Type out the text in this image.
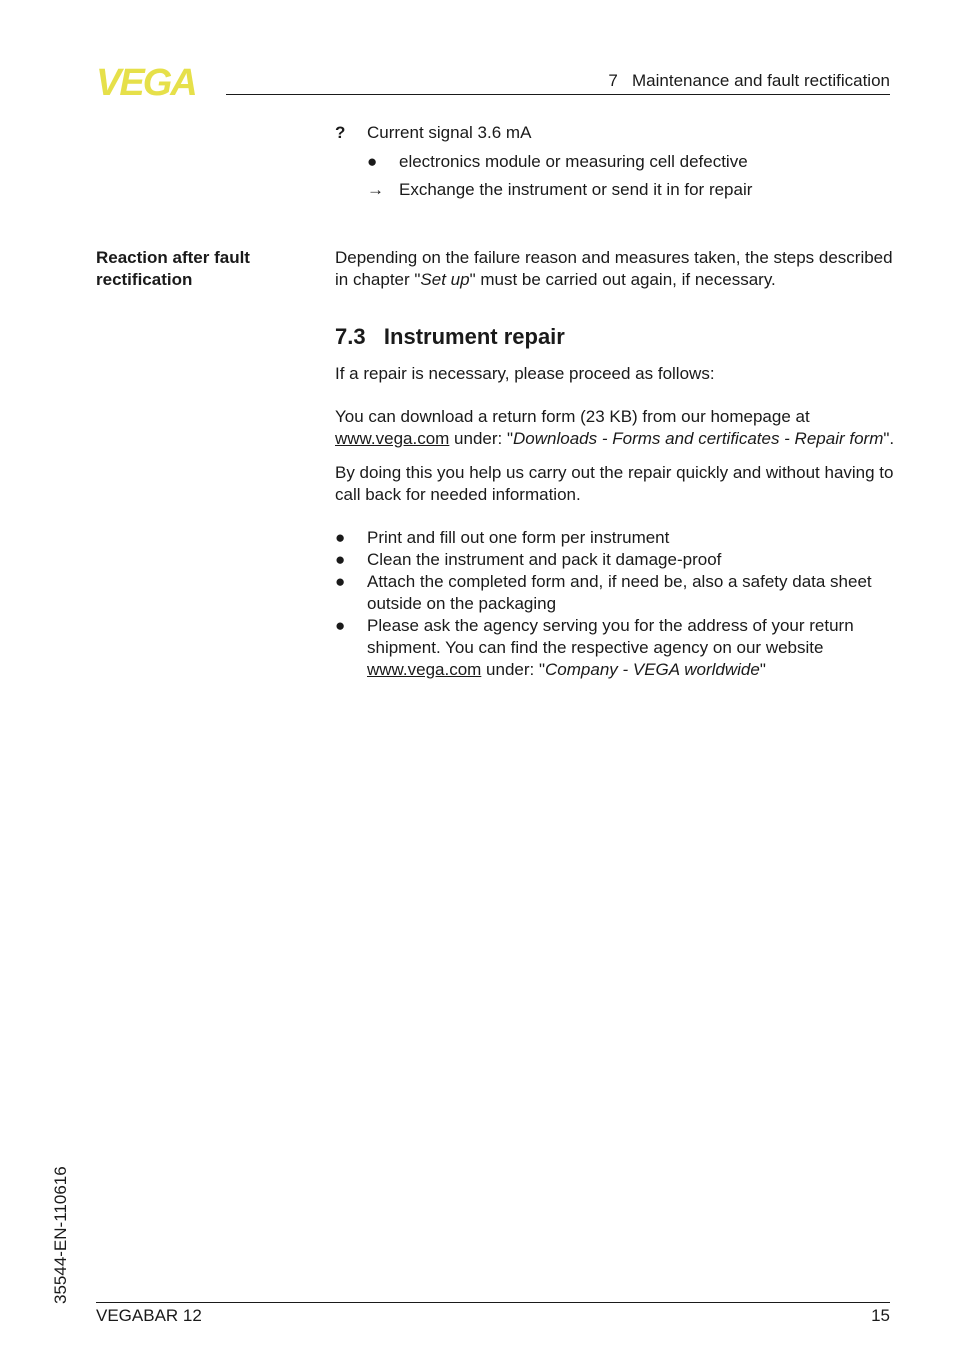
VEGA	7   Maintenance and fault rectification
? Current signal 3.6 mA
● electronics module or measuring cell defective
→ Exchange the instrument or send it in for repair
Reaction after fault rectification
Depending on the failure reason and measures taken, the steps described in chapter "Set up" must be carried out again, if necessary.
7.3   Instrument repair
If a repair is necessary, please proceed as follows:
You can download a return form (23 KB) from our homepage at www.vega.com under: "Downloads - Forms and certificates - Repair form".
By doing this you help us carry out the repair quickly and without having to call back for needed information.
● Print and fill out one form per instrument
● Clean the instrument and pack it damage-proof
● Attach the completed form and, if need be, also a safety data sheet outside on the packaging
● Please ask the agency serving you for the address of your return shipment. You can find the respective agency on our website www.vega.com under: "Company - VEGA worldwide"
35544-EN-110616
VEGABAR 12	15
